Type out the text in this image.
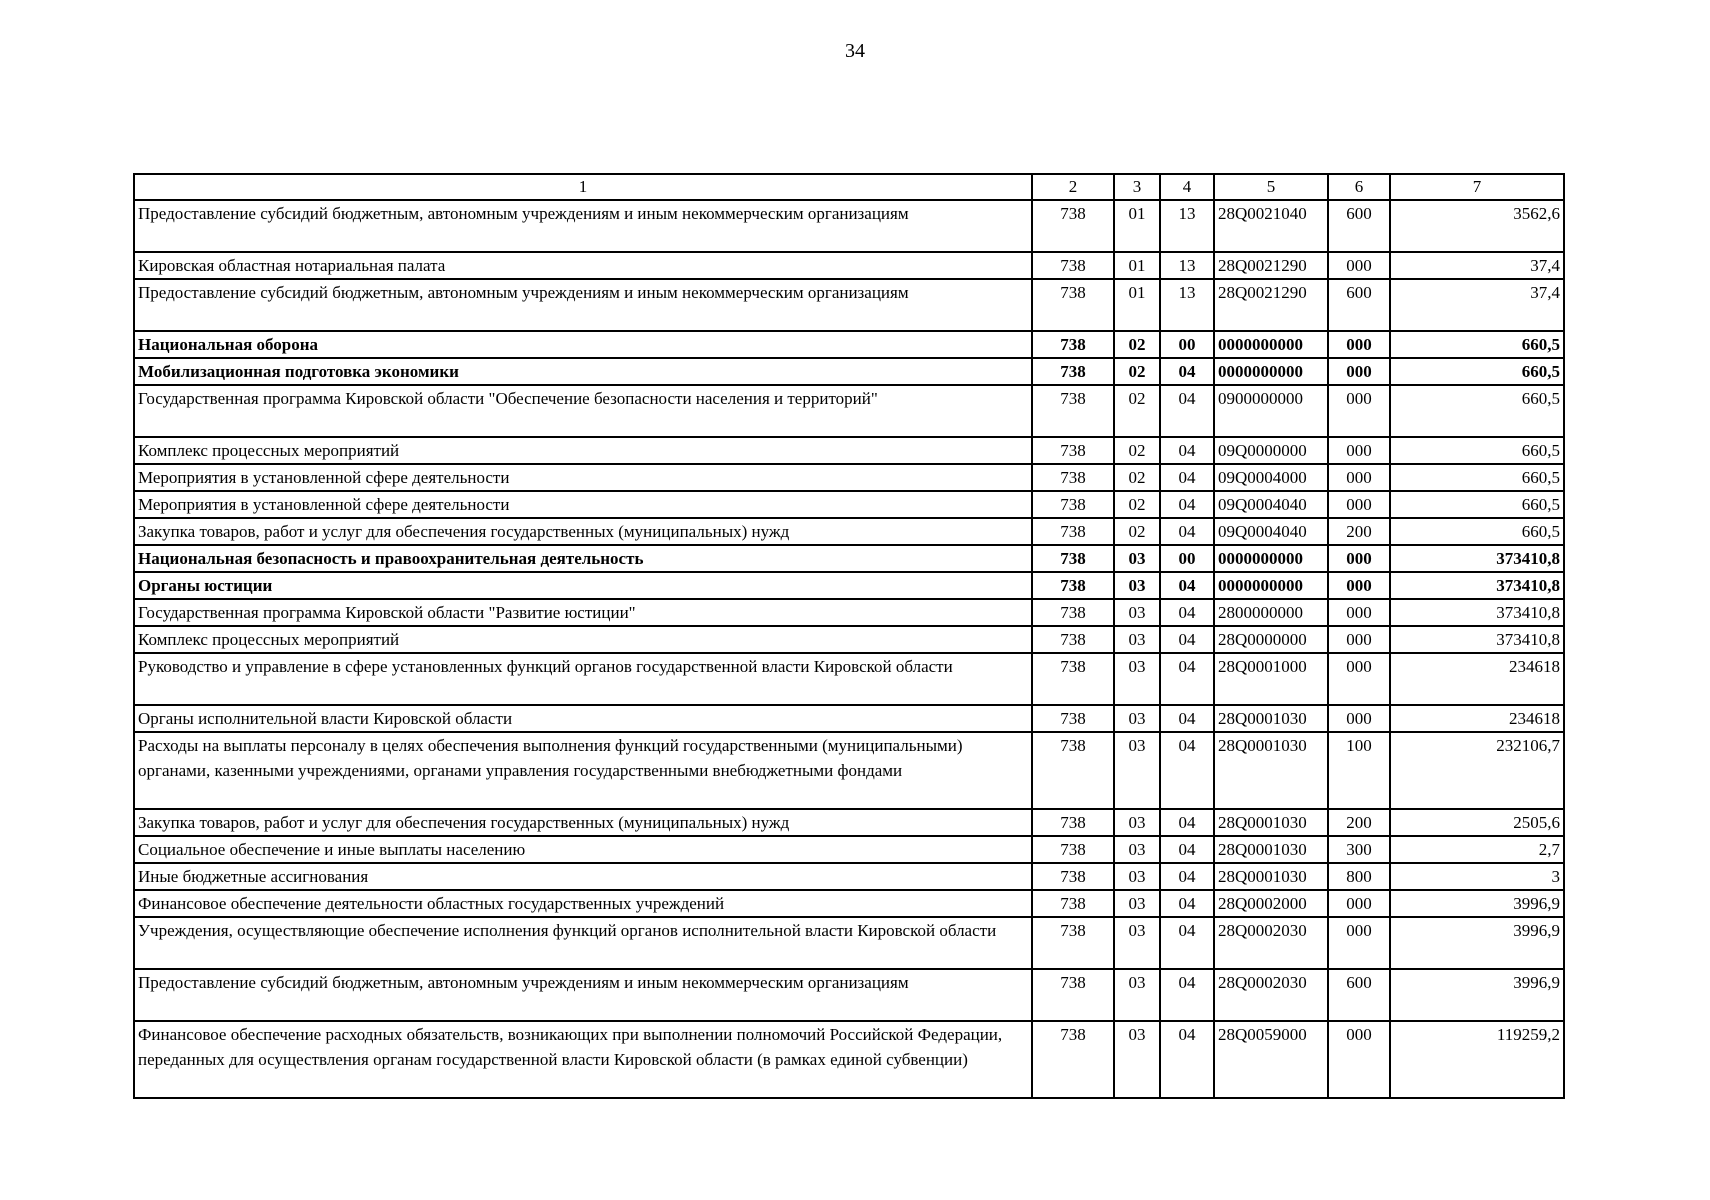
34
1	2	3	4	5	6	7
Предоставление субсидий бюджетным, автономным учреждениям и иным некоммерческим организациям	738	01	13	28Q0021040	600	3562,6
Кировская областная нотариальная палата	738	01	13	28Q0021290	000	37,4
Предоставление субсидий бюджетным, автономным учреждениям и иным некоммерческим организациям	738	01	13	28Q0021290	600	37,4
Национальная оборона	738	02	00	0000000000	000	660,5
Мобилизационная подготовка экономики	738	02	04	0000000000	000	660,5
Государственная программа Кировской области "Обеспечение безопасности населения и территорий"	738	02	04	0900000000	000	660,5
Комплекс процессных мероприятий	738	02	04	09Q0000000	000	660,5
Мероприятия в установленной сфере деятельности	738	02	04	09Q0004000	000	660,5
Мероприятия в установленной сфере деятельности	738	02	04	09Q0004040	000	660,5
Закупка товаров, работ и услуг для обеспечения государственных (муниципальных) нужд	738	02	04	09Q0004040	200	660,5
Национальная безопасность и правоохранительная деятельность	738	03	00	0000000000	000	373410,8
Органы юстиции	738	03	04	0000000000	000	373410,8
Государственная программа Кировской области "Развитие юстиции"	738	03	04	2800000000	000	373410,8
Комплекс процессных мероприятий	738	03	04	28Q0000000	000	373410,8
Руководство и управление в сфере установленных функций органов государственной власти Кировской области	738	03	04	28Q0001000	000	234618
Органы исполнительной власти Кировской области	738	03	04	28Q0001030	000	234618
Расходы на выплаты персоналу в целях обеспечения выполнения функций государственными (муниципальными) органами, казенными учреждениями, органами управления государственными внебюджетными фондами	738	03	04	28Q0001030	100	232106,7
Закупка товаров, работ и услуг для обеспечения государственных (муниципальных) нужд	738	03	04	28Q0001030	200	2505,6
Социальное обеспечение и иные выплаты населению	738	03	04	28Q0001030	300	2,7
Иные бюджетные ассигнования	738	03	04	28Q0001030	800	3
Финансовое обеспечение деятельности областных государственных учреждений	738	03	04	28Q0002000	000	3996,9
Учреждения, осуществляющие обеспечение исполнения функций органов исполнительной власти Кировской области	738	03	04	28Q0002030	000	3996,9
Предоставление субсидий бюджетным, автономным учреждениям и иным некоммерческим организациям	738	03	04	28Q0002030	600	3996,9
Финансовое обеспечение расходных обязательств, возникающих при выполнении полномочий Российской Федерации, переданных для осуществления органам государственной власти Кировской области (в рамках единой субвенции)	738	03	04	28Q0059000	000	119259,2
